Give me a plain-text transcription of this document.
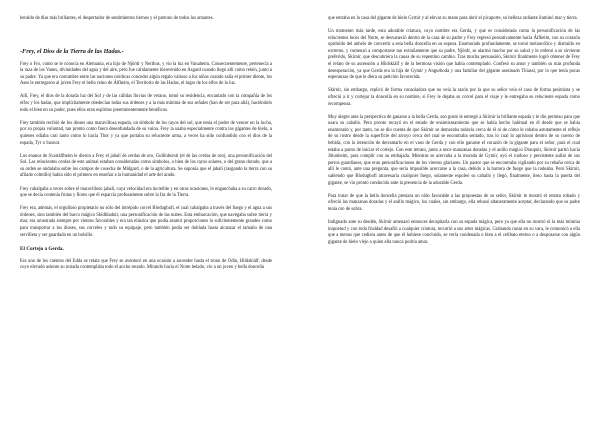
heraldo de días más brillantes, el despertador de sentimientos tiernos y el patrono de todos los amantes.

-Frey, el Dios de la Tierra de las Hadas.-

Frey o Fro, como se le conocía en Alemania, era hijo de Njördr y Nerthus, y vio la luz en Vanaheim. Consecuentemente, pertenecía a la raza de los Vanes, divinidades del agua y del aire, pero fue calidamente bienvenido en Asgard cuando llegó allí como rehén, junto a su padre. Ya que era costumbre entre las naciones nórdicas conceder algún regalo valioso a los niños cuando salía el primer diente, los Ases le entregaron al joven Frey el bello reino de Álfheim, el Territorio de las Hadas, el lugar de los elfos de la luz.

Allí, Frey, el dios de la dorada luz del Sol y de las cálidas lluvias de verano, tomó su residencia, encantado con la compañía de los elfos y los hadas, que implícitamente obedecían todas sus órdenes y a la más mínima de sus señales (han de ser para allá), haciéndolo todo el bien en su poder, pues ellos eran espíritus preeminentemente benéficos.

Frey también recibió de los dioses una maravillosa espada, un símbolo de los rayos del sol, que tenía el poder de vencer en la lucha, por su propia voluntad, tan pronto como fuera desenfundada de su vaina. Frey la usaba especialmente contra los gigantes de hielo, a quienes odiaba casi tanto como lo hacía Thor y ya que portaba su reluciente arma, a veces ha sido confundido con el dios de la espada, Tyr o Saxnot.

Los enanos de Svartálfheim le dieron a Frey el jabalí de cerdas de oro, Gullinbursti (el de las cerdas de oro), una personificación del Sol. Las relucientes cerdas de este animal estaban consideradas como símbolos, o bien de los rayos solares, o del grano dorado, que a su orden se ondulaba sobre los campos de cosecha de Midgard, o de la agricultura. Se suponía que el jabalí (rasgando la tierra con su afilado colmillo) había sido el primero en enseñar a la humanidad el arte del arado.

Frey cabalgaba a veces sobre el maravilloso jabalí, cuya velocidad era increíble y en otras ocasiones, lo enganchaba a su carro dorado, que se decía contenía frutas y flores que él esparcía profusamente sobre la faz de la Tierra.

Frey era, además, el orgulloso propietario no sólo del intrépido corcel Blodughofi, el cual cabalgaba a través del fuego y el agua a sus órdenes, sino también del barco mágico Skidbladnir, una personificación de las nubes. Esta embarcación, que navegaba sobre tierra y mar, era arrastrada siempre por vientos favorables y era tan elástica que podía asumir proporciones lo suficientemente grandes como para transportar a los dioses, sus corceles y todo su equipaje, pero también podía ser doblada hasta alcanzar el tamaño de una servilleta y ser guardada en un bolsillo.

El Cortejo a Gerda.

Era uno de los cuentos del Edda se relata que Frey se aventuró en una ocasión a ascender hasta el trono de Odín, Hlidskiálf, desde cuyo elevado asiento su mirada contemplaba todo el ancho mundo. Mirando hacia el Norte helado, vio a un joven y bella doncella

que entraba en la casa del gigante de hielo Gymir y al elevar su mano para abrir el picaporte, su belleza radiante iluminó mar y tierra.

Un momento más tarde, esta adorable criatura, cuyo nombre era Gerda, y que es considerada como la personificación de las relucientes luces del Norte, se desvaneció dentro de la casa de su padre y Frey regresó pensativamente hacia Álfheim, con su corazón oprimido del anhelo de convertir a esta bella doncella en su esposa. Enamorado profundamente, se tornó melancólico y distraído en extremo, y comenzó a comportarse tan extrañamente que su padre, Njördr, se alarmó mucho por su salud y le ordenó a su sirviente preferido, Skírnir, que descubriera la causa de su repentino cambio. Tras mucha persuasión, Skírnir finalmente logró obtener de Frey el relato de su ascensión a Hlidskiálf y de la hermosa visión que había contemplado. Confesó su amor y también su más profunda desesperación, ya que Gerda era la hija de Gymir y Angurboda y una familiar del gigante asesinado Thiassi, por lo que tenía pocas esperanzas de que le diera su petición favorecida.

Skírnir, sin embargo, replicó de forma consoladora que no veía la razón por la que su señor veía el caso de forma pesimista y se ofreció a ir y cortejar la doncella en su nombre, si Frey le dejaba su corcel para el viaje y le entregaba su reluciente espada como recompensa.

Muy alegre ante la perspectiva de ganarse a la bella Gerda, son gusto le entregó a Skírnir la brillante espada y le dio permiso para que usara su caballo. Pero pronto recayó en el estado de ensimismamiento que se había hecho habitual en él desde que se había enamorado y, por tanto, no se dio cuenta de que Skírnir se demoraba todavía cerca de él ni de cómo le robaba astutamente el reflejo de su rostro desde la superficie del arroyo cerca del cual se encontraba sentado, tras lo cual lo aprisionó dentro de su cuerno de bebida, con la intención de derramarlo en el vaso de Gerda y con ello ganarse el corazón de la gigante para el señor, para el cual estaba a punto de iniciar el cortejo. Con este retrato, junto a once manzanas doradas y el anillo mágico Draupnir, Skírnir partió hacia Jötunheim, para cumplir con su embajada. Mientras se acercaba a la morada de Gymir, oyó el ruidoso y persistente aullar de sus perros guardianes, que eran personificaciones de los vientos glaciares. Un pastor que se encontraba vigilando por su rebaño cerca de allí le contó, ante una pregunta, que sería imposible acercarse a la casa, debido a la barrera de fuego que la rodeaba. Pero Skírnir, sabiendo que Blodughofi atravesaría cualquier fuego, solamente espoleó su caballo y llegó, finalmente, ileso hasta la puerta del gigante, se vio pronto conducido ante la presencia de la adorable Gerda.

Para tratar de que la bella doncella prestara un oído favorable a las propuestas de su señor, Skírnir le mostró el retrato robado y ofreció las manzanas doradas y el anillo mágico, los cuales, sin embargo, ella rehusó altaneramente aceptar, declarando que su padre tenía oro de sobra.

Indignado ante su desdén, Skírnir amenazó entonces decapitarla con su espada mágica, pero ya que ella no mostró ni la más mínima inquietud y con toda frialdad desafió a cualquier criatura, recurrió a sus artes mágicas. Grabando runas en su vara, le comunicó a ella que a menos que cediera antes de que él hubiese concluido, se vería condenada o bien a el celibato eterno o a desposarse con algún gigante de hielo viejo a quien ella nunca podría amar.
